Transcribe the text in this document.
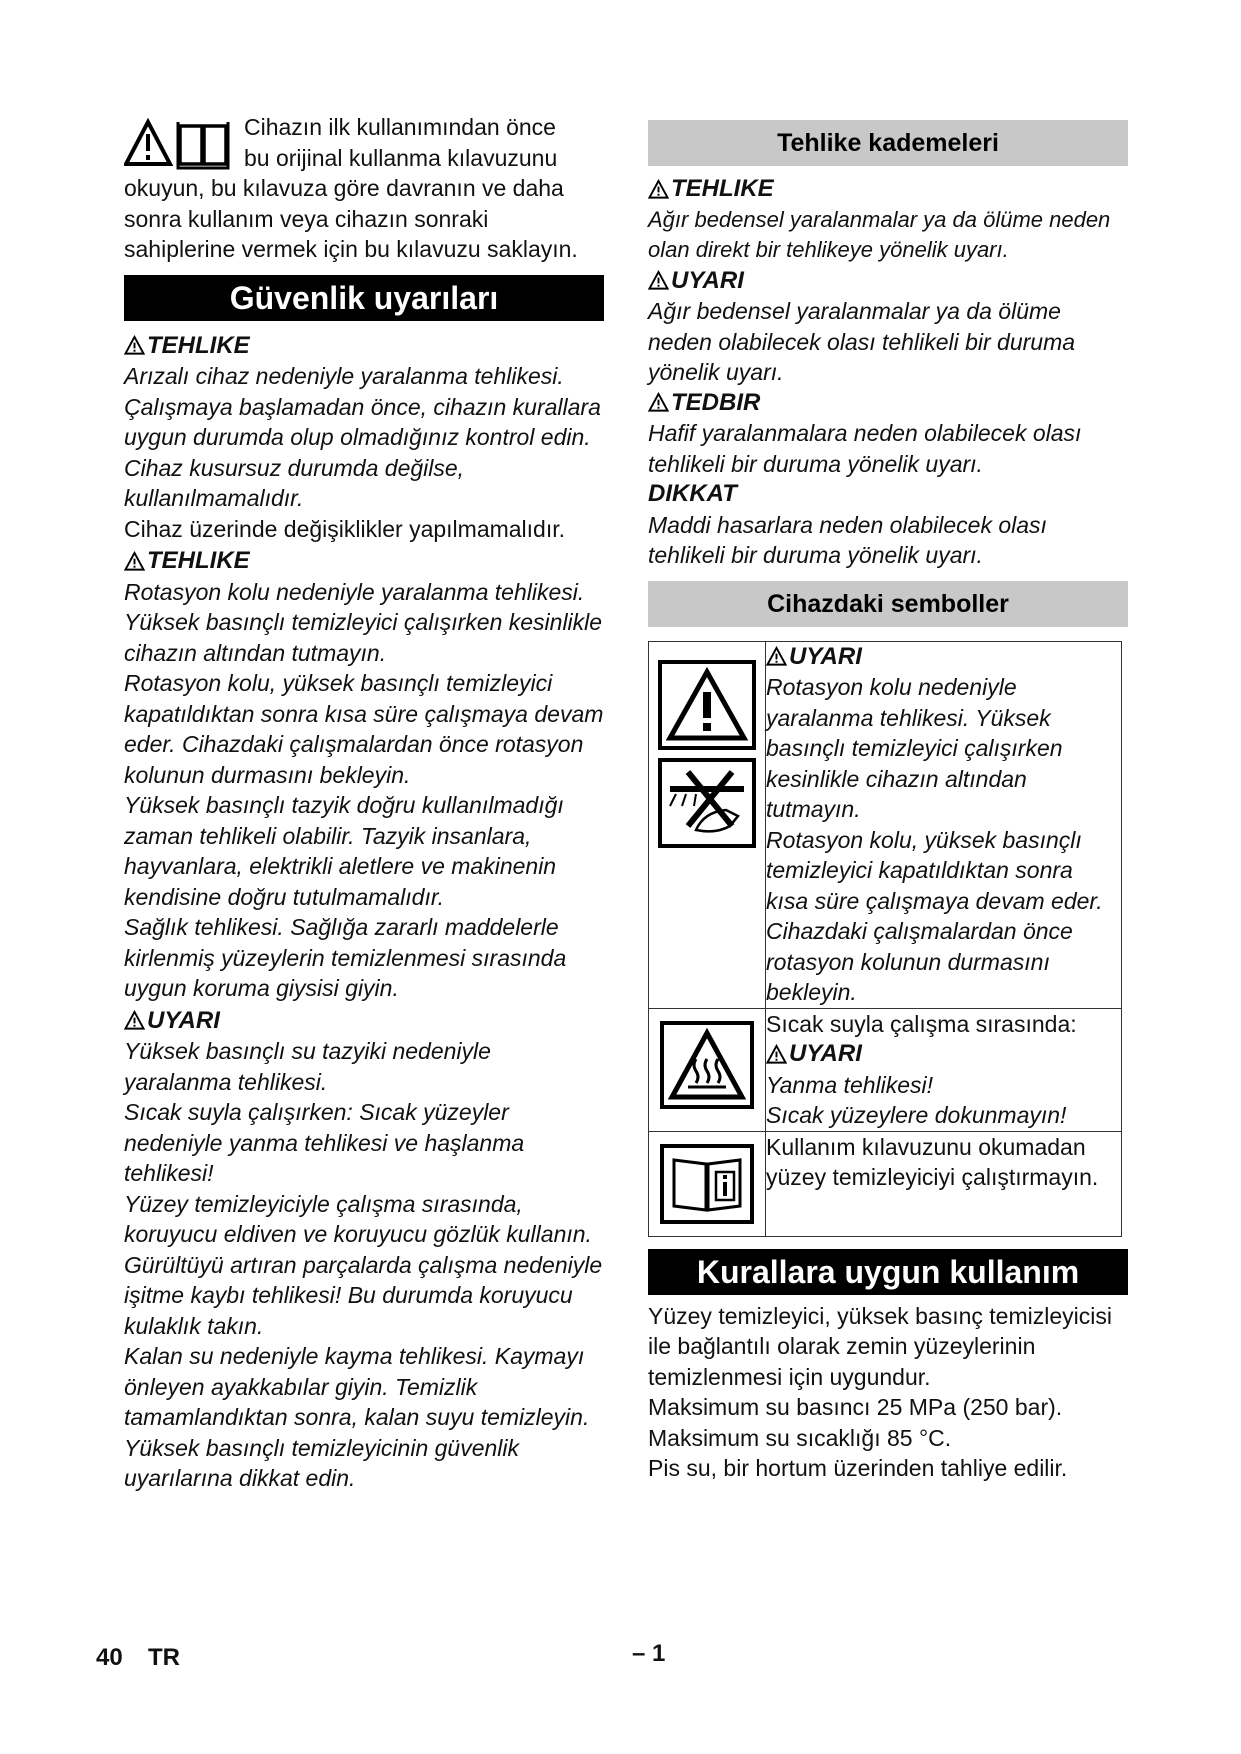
Cihazın ilk kullanımından önce

bu orijinal kullanma kılavuzunu

okuyun, bu kılavuza göre davranın ve daha sonra kullanım veya cihazın sonraki sahiplerine vermek için bu kılavuzu saklayın.

Güvenlik uyarıları

TEHLIKE

Arızalı cihaz nedeniyle yaralanma tehlikesi. Çalışmaya başlamadan önce, cihazın kurallara uygun durumda olup olmadığınız kontrol edin. Cihaz kusursuz durumda değilse, kullanılmamalıdır.

Cihaz üzerinde değişiklikler yapılmamalıdır.

TEHLIKE

Rotasyon kolu nedeniyle yaralanma tehlikesi. Yüksek basınçlı temizleyici çalışırken kesinlikle cihazın altından tutmayın.

Rotasyon kolu, yüksek basınçlı temizleyici kapatıldıktan sonra kısa süre çalışmaya devam eder. Cihazdaki çalışmalardan önce rotasyon kolunun durmasını bekleyin.

Yüksek basınçlı tazyik doğru kullanılmadığı zaman tehlikeli olabilir. Tazyik insanlara, hayvanlara, elektrikli aletlere ve makinenin kendisine doğru tutulmamalıdır.

Sağlık tehlikesi. Sağlığa zararlı maddelerle kirlenmiş yüzeylerin temizlenmesi sırasında uygun koruma giysisi giyin.

UYARI

Yüksek basınçlı su tazyiki nedeniyle yaralanma tehlikesi.

Sıcak suyla çalışırken: Sıcak yüzeyler nedeniyle yanma tehlikesi ve haşlanma tehlikesi!

Yüzey temizleyiciyle çalışma sırasında, koruyucu eldiven ve koruyucu gözlük kullanın.

Gürültüyü artıran parçalarda çalışma nedeniyle işitme kaybı tehlikesi! Bu durumda koruyucu kulaklık takın.

Kalan su nedeniyle kayma tehlikesi. Kaymayı önleyen ayakkabılar giyin. Temizlik tamamlandıktan sonra, kalan suyu temizleyin.

Yüksek basınçlı temizleyicinin güvenlik uyarılarına dikkat edin.

Tehlike kademeleri

TEHLIKE

Ağır bedensel yaralanmalar ya da ölüme neden olan direkt bir tehlikeye yönelik uyarı.

UYARI

Ağır bedensel yaralanmalar ya da ölüme neden olabilecek olası tehlikeli bir duruma yönelik uyarı.

TEDBIR

Hafif yaralanmalara neden olabilecek olası tehlikeli bir duruma yönelik uyarı.

DIKKAT

Maddi hasarlara neden olabilecek olası tehlikeli bir duruma yönelik uyarı.

Cihazdaki semboller

UYARI

Rotasyon kolu nedeniyle yaralanma tehlikesi. Yüksek basınçlı temizleyici çalışırken kesinlikle cihazın altından tutmayın.

Rotasyon kolu, yüksek basınçlı temizleyici kapatıldıktan sonra kısa süre çalışmaya devam eder. Cihazdaki çalışmalardan önce rotasyon kolunun durmasını bekleyin.

Sıcak suyla çalışma sırasında:

UYARI

Yanma tehlikesi!

Sıcak yüzeylere dokunmayın!

Kullanım kılavuzunu okumadan yüzey temizleyiciyi çalıştırmayın.

Kurallara uygun kullanım

Yüzey temizleyici, yüksek basınç temizleyicisi ile bağlantılı olarak zemin yüzeylerinin temizlenmesi için uygundur.

Maksimum su basıncı 25 MPa (250 bar).

Maksimum su sıcaklığı 85 °C.

Pis su, bir hortum üzerinden tahliye edilir.

40 TR	– 1
